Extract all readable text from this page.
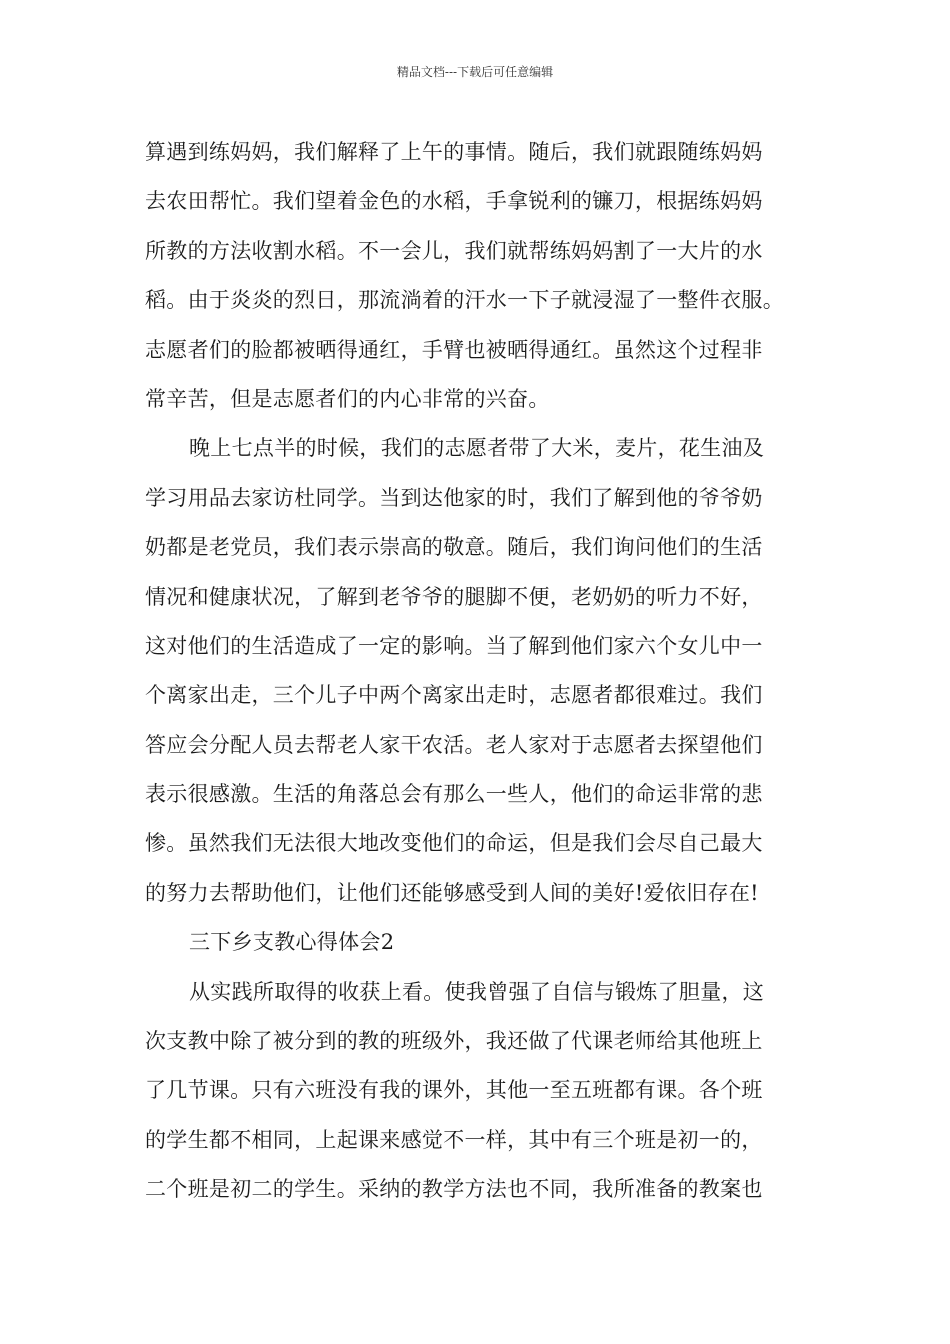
精品文档---下载后可任意编辑
算遇到练妈妈，我们解释了上午的事情。随后，我们就跟随练妈妈
去农田帮忙。我们望着金色的水稻，手拿锐利的镰刀，根据练妈妈
所教的方法收割水稻。不一会儿，我们就帮练妈妈割了一大片的水
稻。由于炎炎的烈日，那流淌着的汗水一下子就浸湿了一整件衣服。
志愿者们的脸都被晒得通红，手臂也被晒得通红。虽然这个过程非
常辛苦，但是志愿者们的内心非常的兴奋。
晚上七点半的时候，我们的志愿者带了大米，麦片，花生油及
学习用品去家访杜同学。当到达他家的时，我们了解到他的爷爷奶
奶都是老党员，我们表示崇高的敬意。随后，我们询问他们的生活
情况和健康状况，了解到老爷爷的腿脚不便，老奶奶的听力不好，
这对他们的生活造成了一定的影响。当了解到他们家六个女儿中一
个离家出走，三个儿子中两个离家出走时，志愿者都很难过。我们
答应会分配人员去帮老人家干农活。老人家对于志愿者去探望他们
表示很感激。生活的角落总会有那么一些人，他们的命运非常的悲
惨。虽然我们无法很大地改变他们的命运，但是我们会尽自己最大
的努力去帮助他们，让他们还能够感受到人间的美好!爱依旧存在!
三下乡支教心得体会2
从实践所取得的收获上看。使我曾强了自信与锻炼了胆量，这
次支教中除了被分到的教的班级外，我还做了代课老师给其他班上
了几节课。只有六班没有我的课外，其他一至五班都有课。各个班
的学生都不相同，上起课来感觉不一样，其中有三个班是初一的，
二个班是初二的学生。采纳的教学方法也不同，我所准备的教案也
